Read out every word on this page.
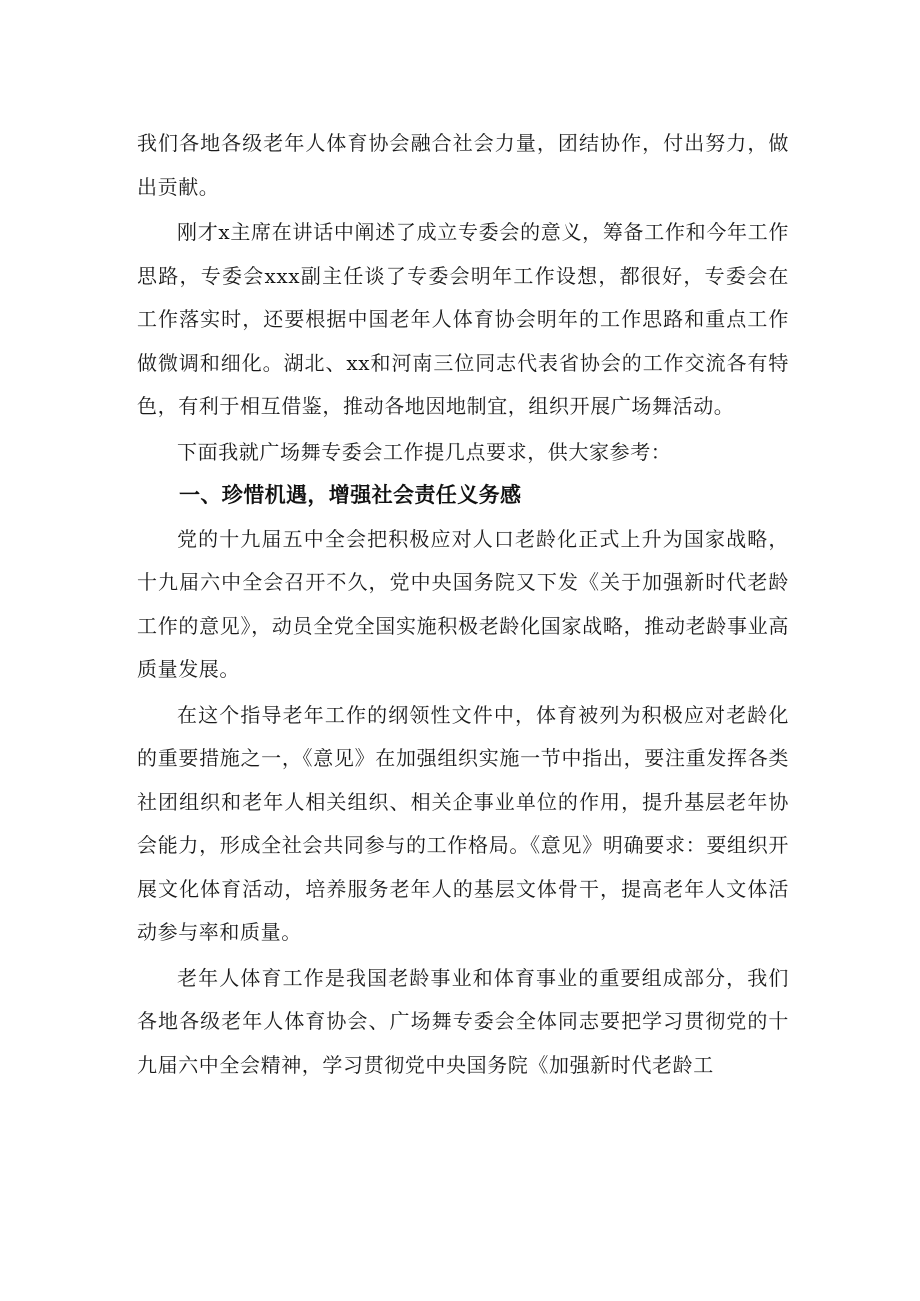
我们各地各级老年人体育协会融合社会力量，团结协作，付出努力，做出贡献。

刚才x主席在讲话中阐述了成立专委会的意义，筹备工作和今年工作思路，专委会xxx副主任谈了专委会明年工作设想，都很好，专委会在工作落实时，还要根据中国老年人体育协会明年的工作思路和重点工作做微调和细化。湖北、xx和河南三位同志代表省协会的工作交流各有特色，有利于相互借鉴，推动各地因地制宜，组织开展广场舞活动。

下面我就广场舞专委会工作提几点要求，供大家参考：

一、珍惜机遇，增强社会责任义务感

党的十九届五中全会把积极应对人口老龄化正式上升为国家战略，十九届六中全会召开不久，党中央国务院又下发《关于加强新时代老龄工作的意见》，动员全党全国实施积极老龄化国家战略，推动老龄事业高质量发展。

在这个指导老年工作的纲领性文件中，体育被列为积极应对老龄化的重要措施之一，《意见》在加强组织实施一节中指出，要注重发挥各类社团组织和老年人相关组织、相关企事业单位的作用，提升基层老年协会能力，形成全社会共同参与的工作格局。《意见》明确要求：要组织开展文化体育活动，培养服务老年人的基层文体骨干，提高老年人文体活动参与率和质量。

老年人体育工作是我国老龄事业和体育事业的重要组成部分，我们各地各级老年人体育协会、广场舞专委会全体同志要把学习贯彻党的十九届六中全会精神，学习贯彻党中央国务院《加强新时代老龄工
